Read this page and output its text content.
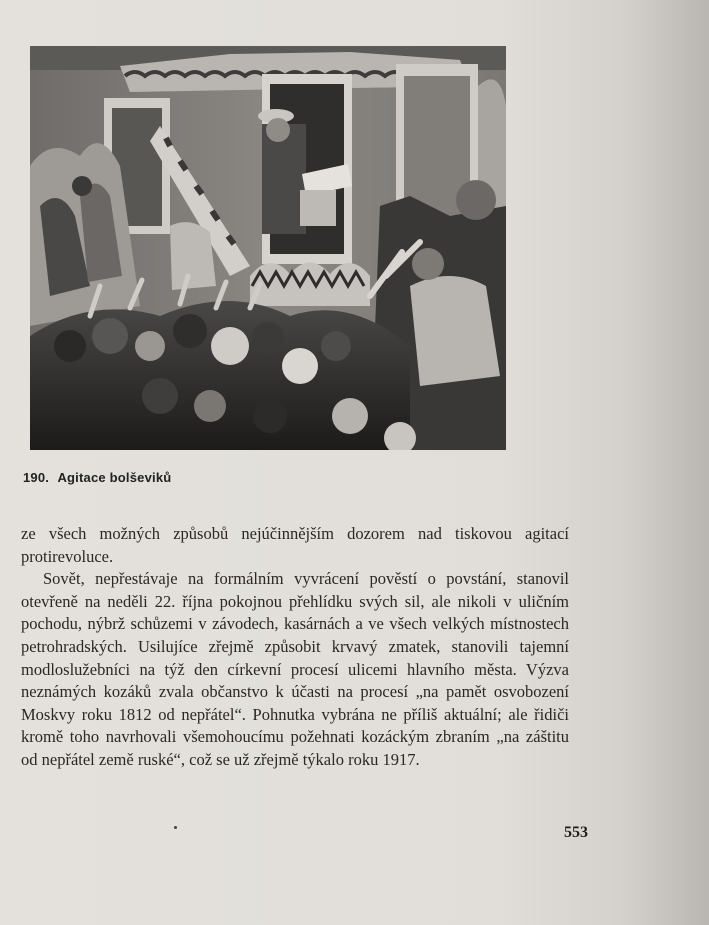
190. Agitace bolševiků

ze všech možných způsobů nejúčinnějším dozorem nad tiskovou agitací protirevoluce.

Sovět, nepřestávaje na formálním vyvrácení pověstí o povstání, stanovil otevřeně na neděli 22. října pokojnou přehlídku svých sil, ale nikoli v uličním pochodu, nýbrž schůzemi v závodech, kasárnách a ve všech velkých místnostech petrohradských. Usilujíce zřejmě způsobit krvavý zmatek, stanovili tajemní modloslužebníci na týž den církevní procesí ulicemi hlavního města. Výzva neznámých kozáků zvala občanstvo k účasti na procesí „na pamět osvobození Moskvy roku 1812 od nepřátel“. Pohnutka vybrána ne příliš aktuální; ale řidiči kromě toho navrhovali všemohoucímu požehnati kozáckým zbraním „na záštitu od nepřátel země ruské“, což se už zřejmě týkalo roku 1917.

553
